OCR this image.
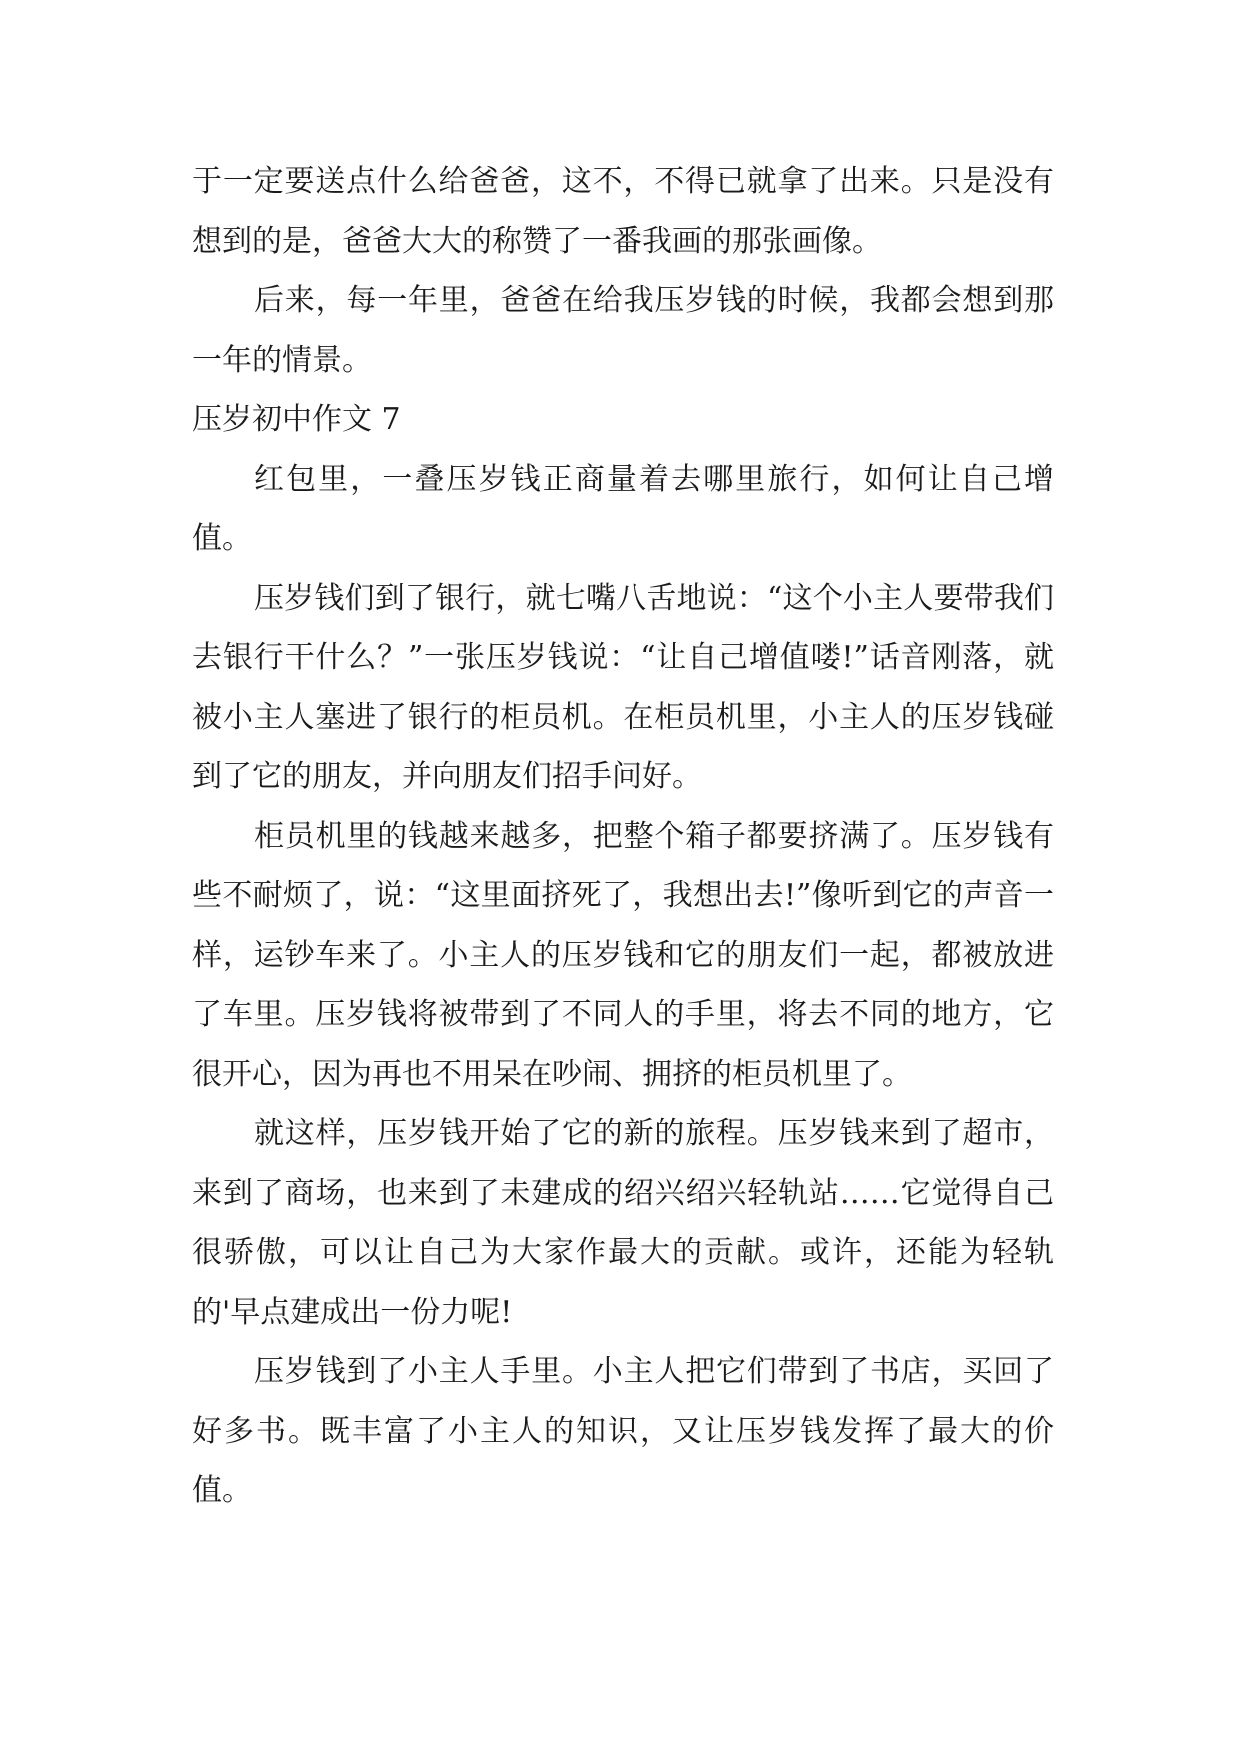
于一定要送点什么给爸爸，这不，不得已就拿了出来。只是没有想到的是，爸爸大大的称赞了一番我画的那张画像。

后来，每一年里，爸爸在给我压岁钱的时候，我都会想到那一年的情景。

压岁初中作文 7

红包里，一叠压岁钱正商量着去哪里旅行，如何让自己增值。

压岁钱们到了银行，就七嘴八舌地说：“这个小主人要带我们去银行干什么？”一张压岁钱说：“让自己增值喽!”话音刚落，就被小主人塞进了银行的柜员机。在柜员机里，小主人的压岁钱碰到了它的朋友，并向朋友们招手问好。

柜员机里的钱越来越多，把整个箱子都要挤满了。压岁钱有些不耐烦了，说：“这里面挤死了，我想出去!”像听到它的声音一样，运钞车来了。小主人的压岁钱和它的朋友们一起，都被放进了车里。压岁钱将被带到了不同人的手里，将去不同的地方，它很开心，因为再也不用呆在吵闹、拥挤的柜员机里了。

就这样，压岁钱开始了它的新的旅程。压岁钱来到了超市，来到了商场，也来到了未建成的绍兴绍兴轻轨站……它觉得自己很骄傲，可以让自己为大家作最大的贡献。或许，还能为轻轨的'早点建成出一份力呢!

压岁钱到了小主人手里。小主人把它们带到了书店，买回了好多书。既丰富了小主人的知识，又让压岁钱发挥了最大的价值。
